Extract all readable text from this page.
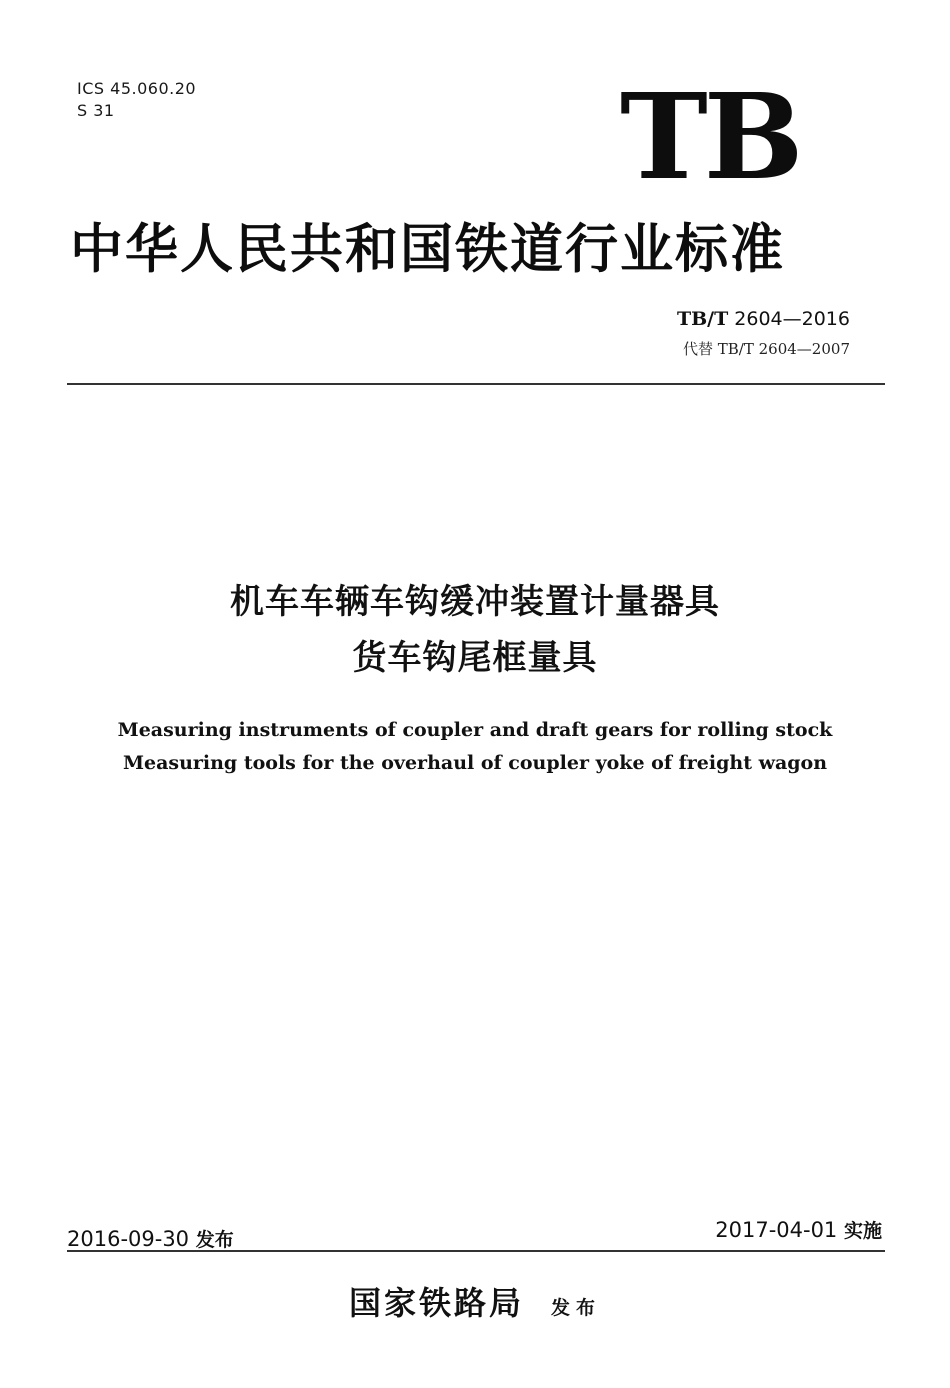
ICS 45.060.20
S 31	TB
中华人民共和国铁道行业标准
TB/T 2604—2016
代替 TB/T 2604—2007
机车车辆车钩缓冲装置计量器具
货车钩尾框量具
Measuring instruments of coupler and draft gears for rolling stock
Measuring tools for the overhaul of coupler yoke of freight wagon
2016-09-30 发布	2017-04-01 实施
国家铁路局 发布
